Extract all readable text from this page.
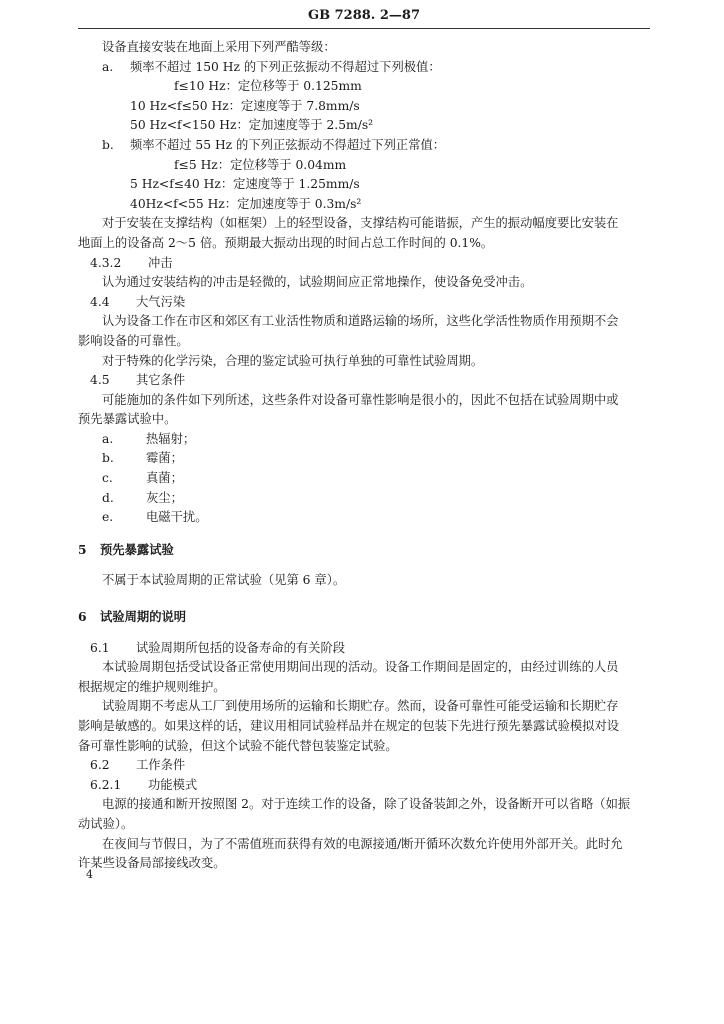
GB 7288. 2—87
设备直接安装在地面上采用下列严酷等级：
a. 频率不超过 150 Hz 的下列正弦振动不得超过下列极值：
f≤10 Hz：定位移等于 0.125mm
10 Hz<f≤50 Hz：定速度等于 7.8mm/s
50 Hz<f<150 Hz：定加速度等于 2.5m/s²
b. 频率不超过 55 Hz 的下列正弦振动不得超过下列正常值：
f≤5 Hz：定位移等于 0.04mm
5 Hz<f≤40 Hz：定速度等于 1.25mm/s
40Hz<f<55 Hz：定加速度等于 0.3m/s²
对于安装在支撑结构（如框架）上的轻型设备，支撑结构可能谐振，产生的振动幅度要比安装在
地面上的设备高 2～5 倍。预期最大振动出现的时间占总工作时间的 0.1%。
4.3.2 冲击
认为通过安装结构的冲击是轻微的，试验期间应正常地操作，使设备免受冲击。
4.4 大气污染
认为设备工作在市区和郊区有工业活性物质和道路运输的场所，这些化学活性物质作用预期不会
影响设备的可靠性。
对于特殊的化学污染，合理的鉴定试验可执行单独的可靠性试验周期。
4.5 其它条件
可能施加的条件如下列所述，这些条件对设备可靠性影响是很小的，因此不包括在试验周期中或
预先暴露试验中。
a.	热辐射；
b.	霉菌；
c.	真菌；
d.	灰尘；
e.	电磁干扰。
5 预先暴露试验
不属于本试验周期的正常试验（见第 6 章）。
6 试验周期的说明
6.1 试验周期所包括的设备寿命的有关阶段
本试验周期包括受试设备正常使用期间出现的活动。设备工作期间是固定的，由经过训练的人员
根据规定的维护规则维护。
试验周期不考虑从工厂到使用场所的运输和长期贮存。然而，设备可靠性可能受运输和长期贮存
影响是敏感的。如果这样的话，建议用相同试验样品并在规定的包装下先进行预先暴露试验模拟对设
备可靠性影响的试验，但这个试验不能代替包装鉴定试验。
6.2 工作条件
6.2.1 功能模式
电源的接通和断开按照图 2。对于连续工作的设备，除了设备装卸之外，设备断开可以省略（如振
动试验）。
在夜间与节假日，为了不需值班而获得有效的电源接通/断开循环次数允许使用外部开关。此时允
许某些设备局部接线改变。
4
